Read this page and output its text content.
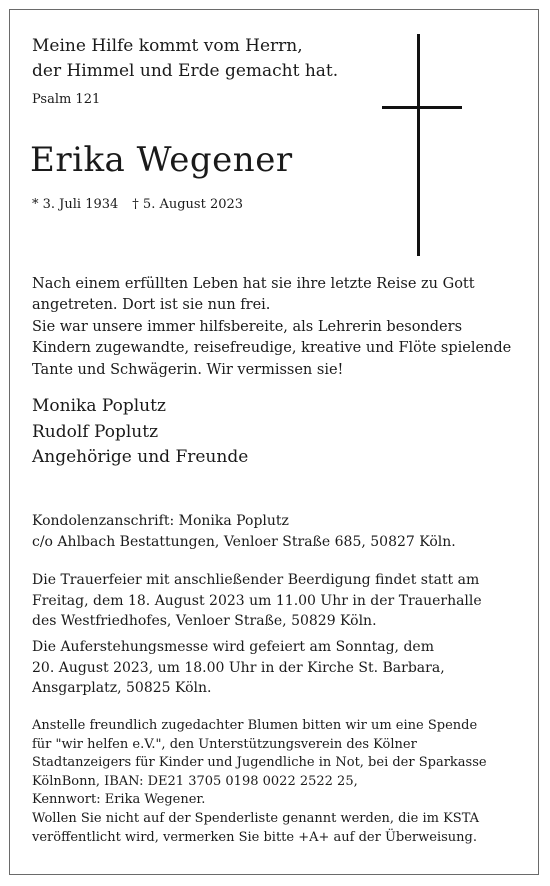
Meine Hilfe kommt vom Herrn,
der Himmel und Erde gemacht hat.
Psalm 121
Erika Wegener
* 3. Juli 1934 † 5. August 2023
Nach einem erfüllten Leben hat sie ihre letzte Reise zu Gott
angetreten. Dort ist sie nun frei.
Sie war unsere immer hilfsbereite, als Lehrerin besonders
Kindern zugewandte, reisefreudige, kreative und Flöte spielende
Tante und Schwägerin. Wir vermissen sie!
Monika Poplutz
Rudolf Poplutz
Angehörige und Freunde
Kondolenzanschrift: Monika Poplutz
c/o Ahlbach Bestattungen, Venloer Straße 685, 50827 Köln.
Die Trauerfeier mit anschließender Beerdigung findet statt am
Freitag, dem 18. August 2023 um 11.00 Uhr in der Trauerhalle
des Westfriedhofes, Venloer Straße, 50829 Köln.
Die Auferstehungsmesse wird gefeiert am Sonntag, dem
20. August 2023, um 18.00 Uhr in der Kirche St. Barbara,
Ansgarplatz, 50825 Köln.
Anstelle freundlich zugedachter Blumen bitten wir um eine Spende
für "wir helfen e.V.", den Unterstützungsverein des Kölner
Stadtanzeigers für Kinder und Jugendliche in Not, bei der Sparkasse
KölnBonn, IBAN: DE21 3705 0198 0022 2522 25,
Kennwort: Erika Wegener.
Wollen Sie nicht auf der Spenderliste genannt werden, die im KSTA
veröffentlicht wird, vermerken Sie bitte +A+ auf der Überweisung.
